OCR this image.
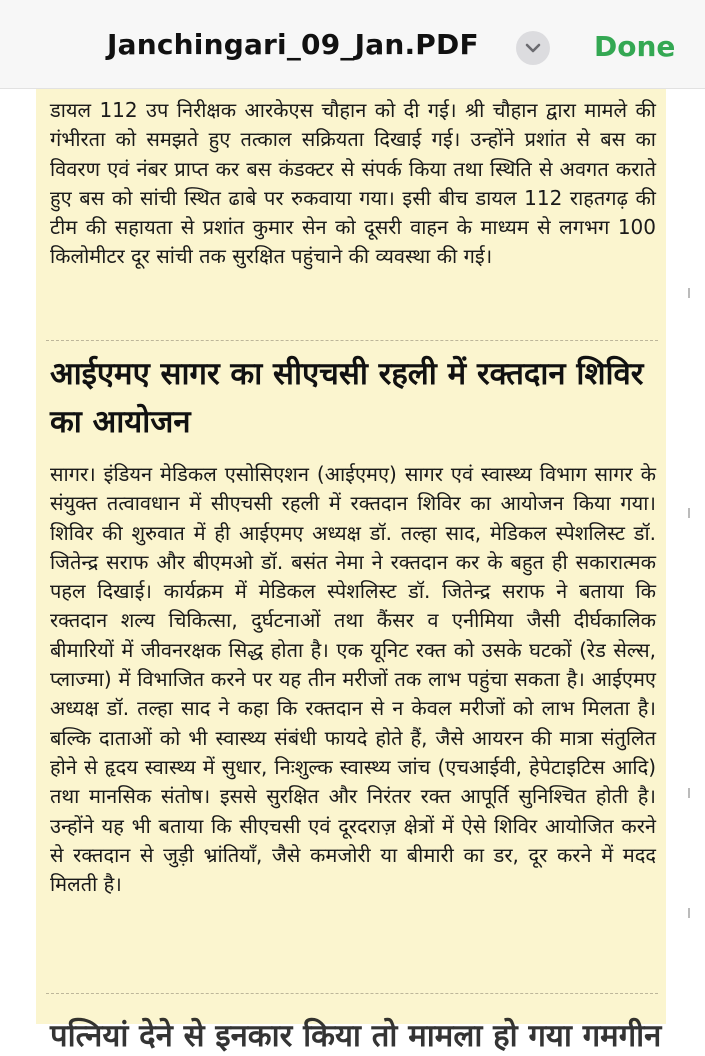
Janchingari_09_Jan.PDF	Done
डायल 112 उप निरीक्षक आरकेएस चौहान को दी गई। श्री चौहान द्वारा मामले की गंभीरता को समझते हुए तत्काल सक्रियता दिखाई गई। उन्होंने प्रशांत से बस का विवरण एवं नंबर प्राप्त कर बस कंडक्टर से संपर्क किया तथा स्थिति से अवगत कराते हुए बस को सांची स्थित ढाबे पर रुकवाया गया। इसी बीच डायल 112 राहतगढ़ की टीम की सहायता से प्रशांत कुमार सेन को दूसरी वाहन के माध्यम से लगभग 100 किलोमीटर दूर सांची तक सुरक्षित पहुंचाने की व्यवस्था की गई।
आईएमए सागर का सीएचसी रहली में रक्तदान शिविर का आयोजन
सागर। इंडियन मेडिकल एसोसिएशन (आईएमए) सागर एवं स्वास्थ्य विभाग सागर के संयुक्त तत्वावधान में सीएचसी रहली में रक्तदान शिविर का आयोजन किया गया। शिविर की शुरुवात में ही आईएमए अध्यक्ष डॉ. तल्हा साद, मेडिकल स्पेशलिस्ट डॉ. जितेन्द्र सराफ और बीएमओ डॉ. बसंत नेमा ने रक्तदान कर के बहुत ही सकारात्मक पहल दिखाई। कार्यक्रम में मेडिकल स्पेशलिस्ट डॉ. जितेन्द्र सराफ ने बताया कि रक्तदान शल्य चिकित्सा, दुर्घटनाओं तथा कैंसर व एनीमिया जैसी दीर्घकालिक बीमारियों में जीवनरक्षक सिद्ध होता है। एक यूनिट रक्त को उसके घटकों (रेड सेल्स, प्लाज्मा) में विभाजित करने पर यह तीन मरीजों तक लाभ पहुंचा सकता है। आईएमए अध्यक्ष डॉ. तल्हा साद ने कहा कि रक्तदान से न केवल मरीजों को लाभ मिलता है। बल्कि दाताओं को भी स्वास्थ्य संबंधी फायदे होते हैं, जैसे आयरन की मात्रा संतुलित होने से हृदय स्वास्थ्य में सुधार, निःशुल्क स्वास्थ्य जांच (एचआईवी, हेपेटाइटिस आदि) तथा मानसिक संतोष। इससे सुरक्षित और निरंतर रक्त आपूर्ति सुनिश्चित होती है। उन्होंने यह भी बताया कि सीएचसी एवं दूरदराज़ क्षेत्रों में ऐसे शिविर आयोजित करने से रक्तदान से जुड़ी भ्रांतियाँ, जैसे कमजोरी या बीमारी का डर, दूर करने में मदद मिलती है।
पत्नियां देने से इनकार किया तो मामला हो गया गमगीन
